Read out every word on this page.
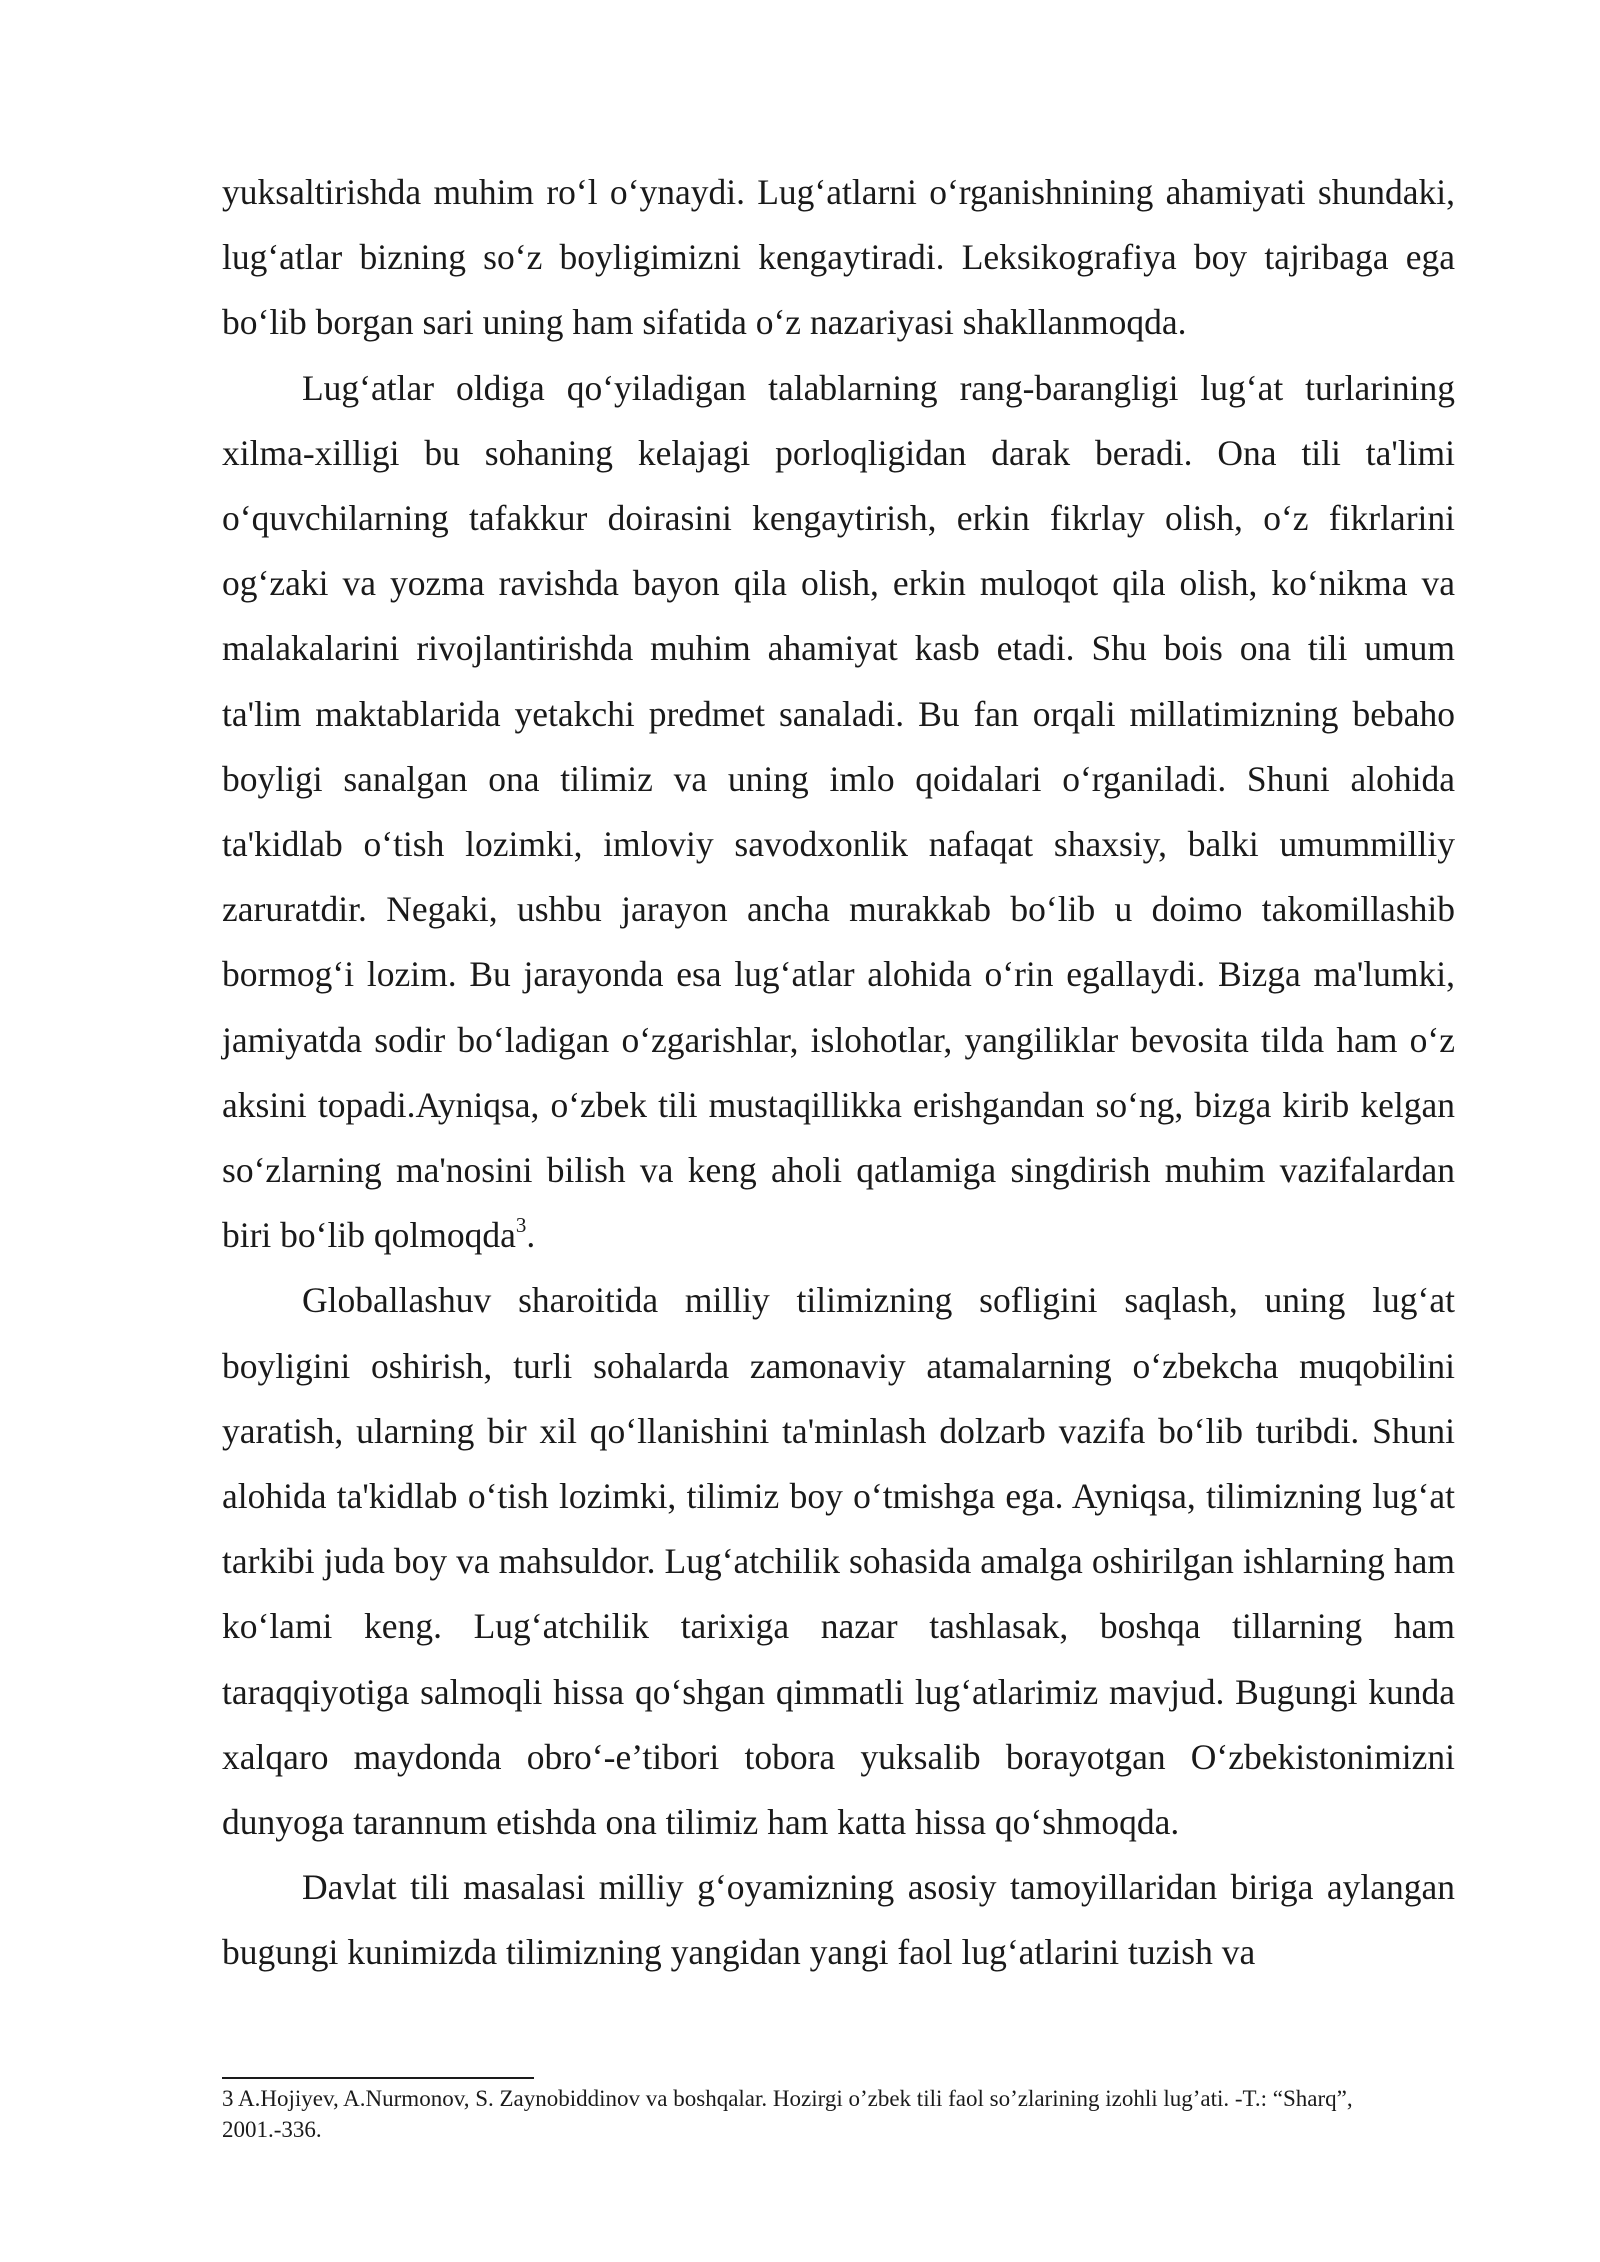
yuksaltirishda muhim ro‘l o‘ynaydi. Lug‘atlarni o‘rganishnining ahamiyati shundaki, lug‘atlar bizning so‘z boyligimizni kengaytiradi. Leksikografiya boy tajribaga ega bo‘lib borgan sari uning ham sifatida o‘z nazariyasi shakllanmoqda.

Lug‘atlar oldiga qo‘yiladigan talablarning rang-barangligi lug‘at turlarining xilma-xilligi bu sohaning kelajagi porloqligidan darak beradi. Ona tili ta'limi o‘quvchilarning tafakkur doirasini kengaytirish, erkin fikrlay olish, o‘z fikrlarini og‘zaki va yozma ravishda bayon qila olish, erkin muloqot qila olish, ko‘nikma va malakalarini rivojlantirishda muhim ahamiyat kasb etadi. Shu bois ona tili umum ta'lim maktablarida yetakchi predmet sanaladi. Bu fan orqali millatimizning bebaho boyligi sanalgan ona tilimiz va uning imlo qoidalari o‘rganiladi. Shuni alohida ta'kidlab o‘tish lozimki, imloviy savodxonlik nafaqat shaxsiy, balki umummilliy zaruratdir. Negaki, ushbu jarayon ancha murakkab bo‘lib u doimo takomillashib bormog‘i lozim. Bu jarayonda esa lug‘atlar alohida o‘rin egallaydi. Bizga ma'lumki, jamiyatda sodir bo‘ladigan o‘zgarishlar, islohotlar, yangiliklar bevosita tilda ham o‘z aksini topadi.Ayniqsa, o‘zbek tili mustaqillikka erishgandan so‘ng, bizga kirib kelgan so‘zlarning ma'nosini bilish va keng aholi qatlamiga singdirish muhim vazifalardan biri bo‘lib qolmoqda$^3$.

Globallashuv sharoitida milliy tilimizning sofligini saqlash, uning lug‘at boyligini oshirish, turli sohalarda zamonaviy atamalarning o‘zbekcha muqobilini yaratish, ularning bir xil qo‘llanishini ta'minlash dolzarb vazifa bo‘lib turibdi. Shuni alohida ta'kidlab o‘tish lozimki, tilimiz boy o‘tmishga ega. Ayniqsa, tilimizning lug‘at tarkibi juda boy va mahsuldor. Lug‘atchilik sohasida amalga oshirilgan ishlarning ham ko‘lami keng. Lug‘atchilik tarixiga nazar tashlasak, boshqa tillarning ham taraqqiyotiga salmoqli hissa qo‘shgan qimmatli lug‘atlarimiz mavjud. Bugungi kunda xalqaro maydonda obro‘-e’tibori tobora yuksalib borayotgan O‘zbekistonimizni dunyoga tarannum etishda ona tilimiz ham katta hissa qo‘shmoqda.

Davlat tili masalasi milliy g‘oyamizning asosiy tamoyillaridan biriga aylangan bugungi kunimizda tilimizning yangidan yangi faol lug‘atlarini tuzish va

3 A.Hojiyev, A.Nurmonov, S. Zaynobiddinov va boshqalar. Hozirgi o’zbek tili faol so’zlarining izohli lug’ati. -T.: “Sharq”, 2001.-336.
